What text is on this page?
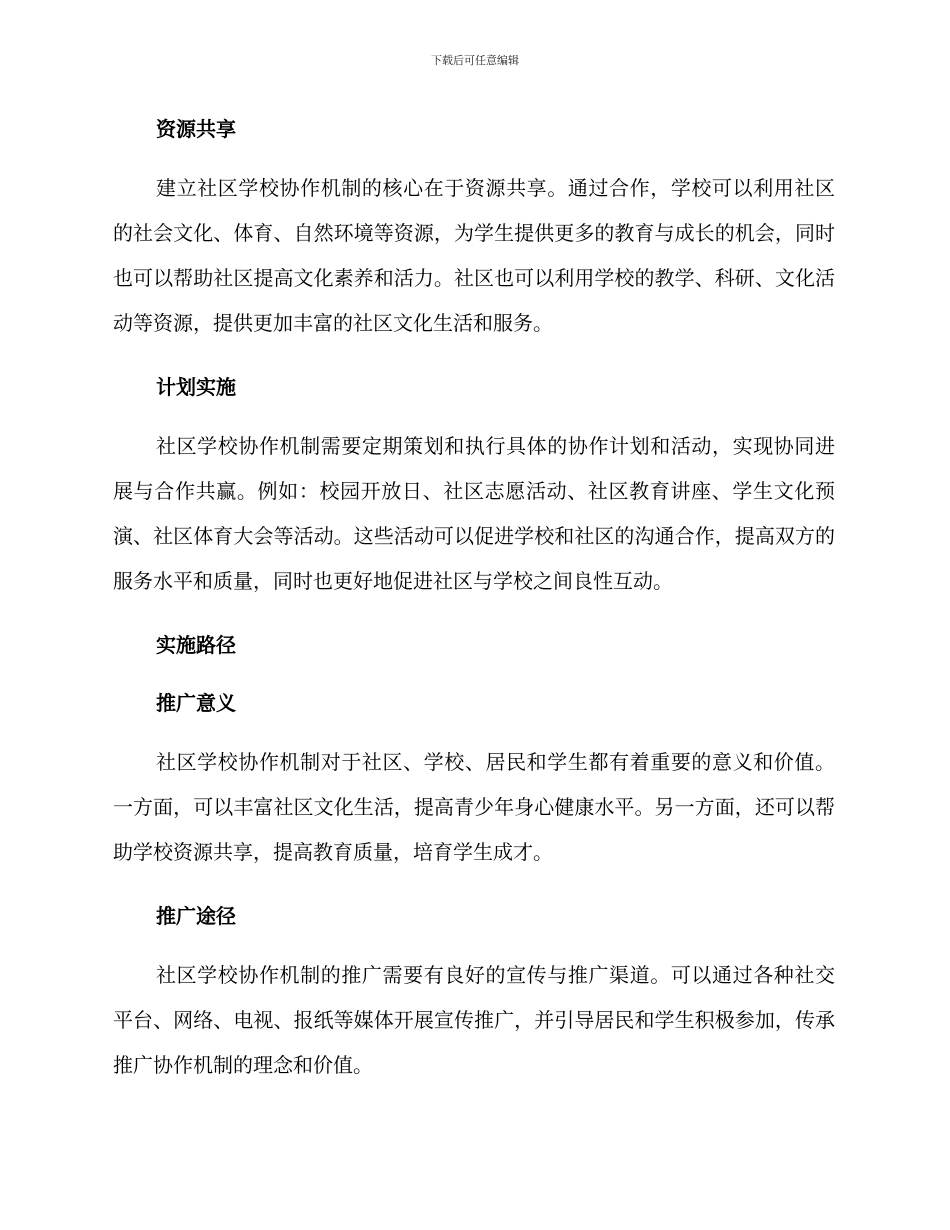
下载后可任意编辑
资源共享

建立社区学校协作机制的核心在于资源共享。通过合作，学校可以利用社区的社会文化、体育、自然环境等资源，为学生提供更多的教育与成长的机会，同时也可以帮助社区提高文化素养和活力。社区也可以利用学校的教学、科研、文化活动等资源，提供更加丰富的社区文化生活和服务。

计划实施

社区学校协作机制需要定期策划和执行具体的协作计划和活动，实现协同进展与合作共赢。例如：校园开放日、社区志愿活动、社区教育讲座、学生文化预演、社区体育大会等活动。这些活动可以促进学校和社区的沟通合作，提高双方的服务水平和质量，同时也更好地促进社区与学校之间良性互动。

实施路径
推广意义

社区学校协作机制对于社区、学校、居民和学生都有着重要的意义和价值。一方面，可以丰富社区文化生活，提高青少年身心健康水平。另一方面，还可以帮助学校资源共享，提高教育质量，培育学生成才。

推广途径

社区学校协作机制的推广需要有良好的宣传与推广渠道。可以通过各种社交平台、网络、电视、报纸等媒体开展宣传推广，并引导居民和学生积极参加，传承推广协作机制的理念和价值。
